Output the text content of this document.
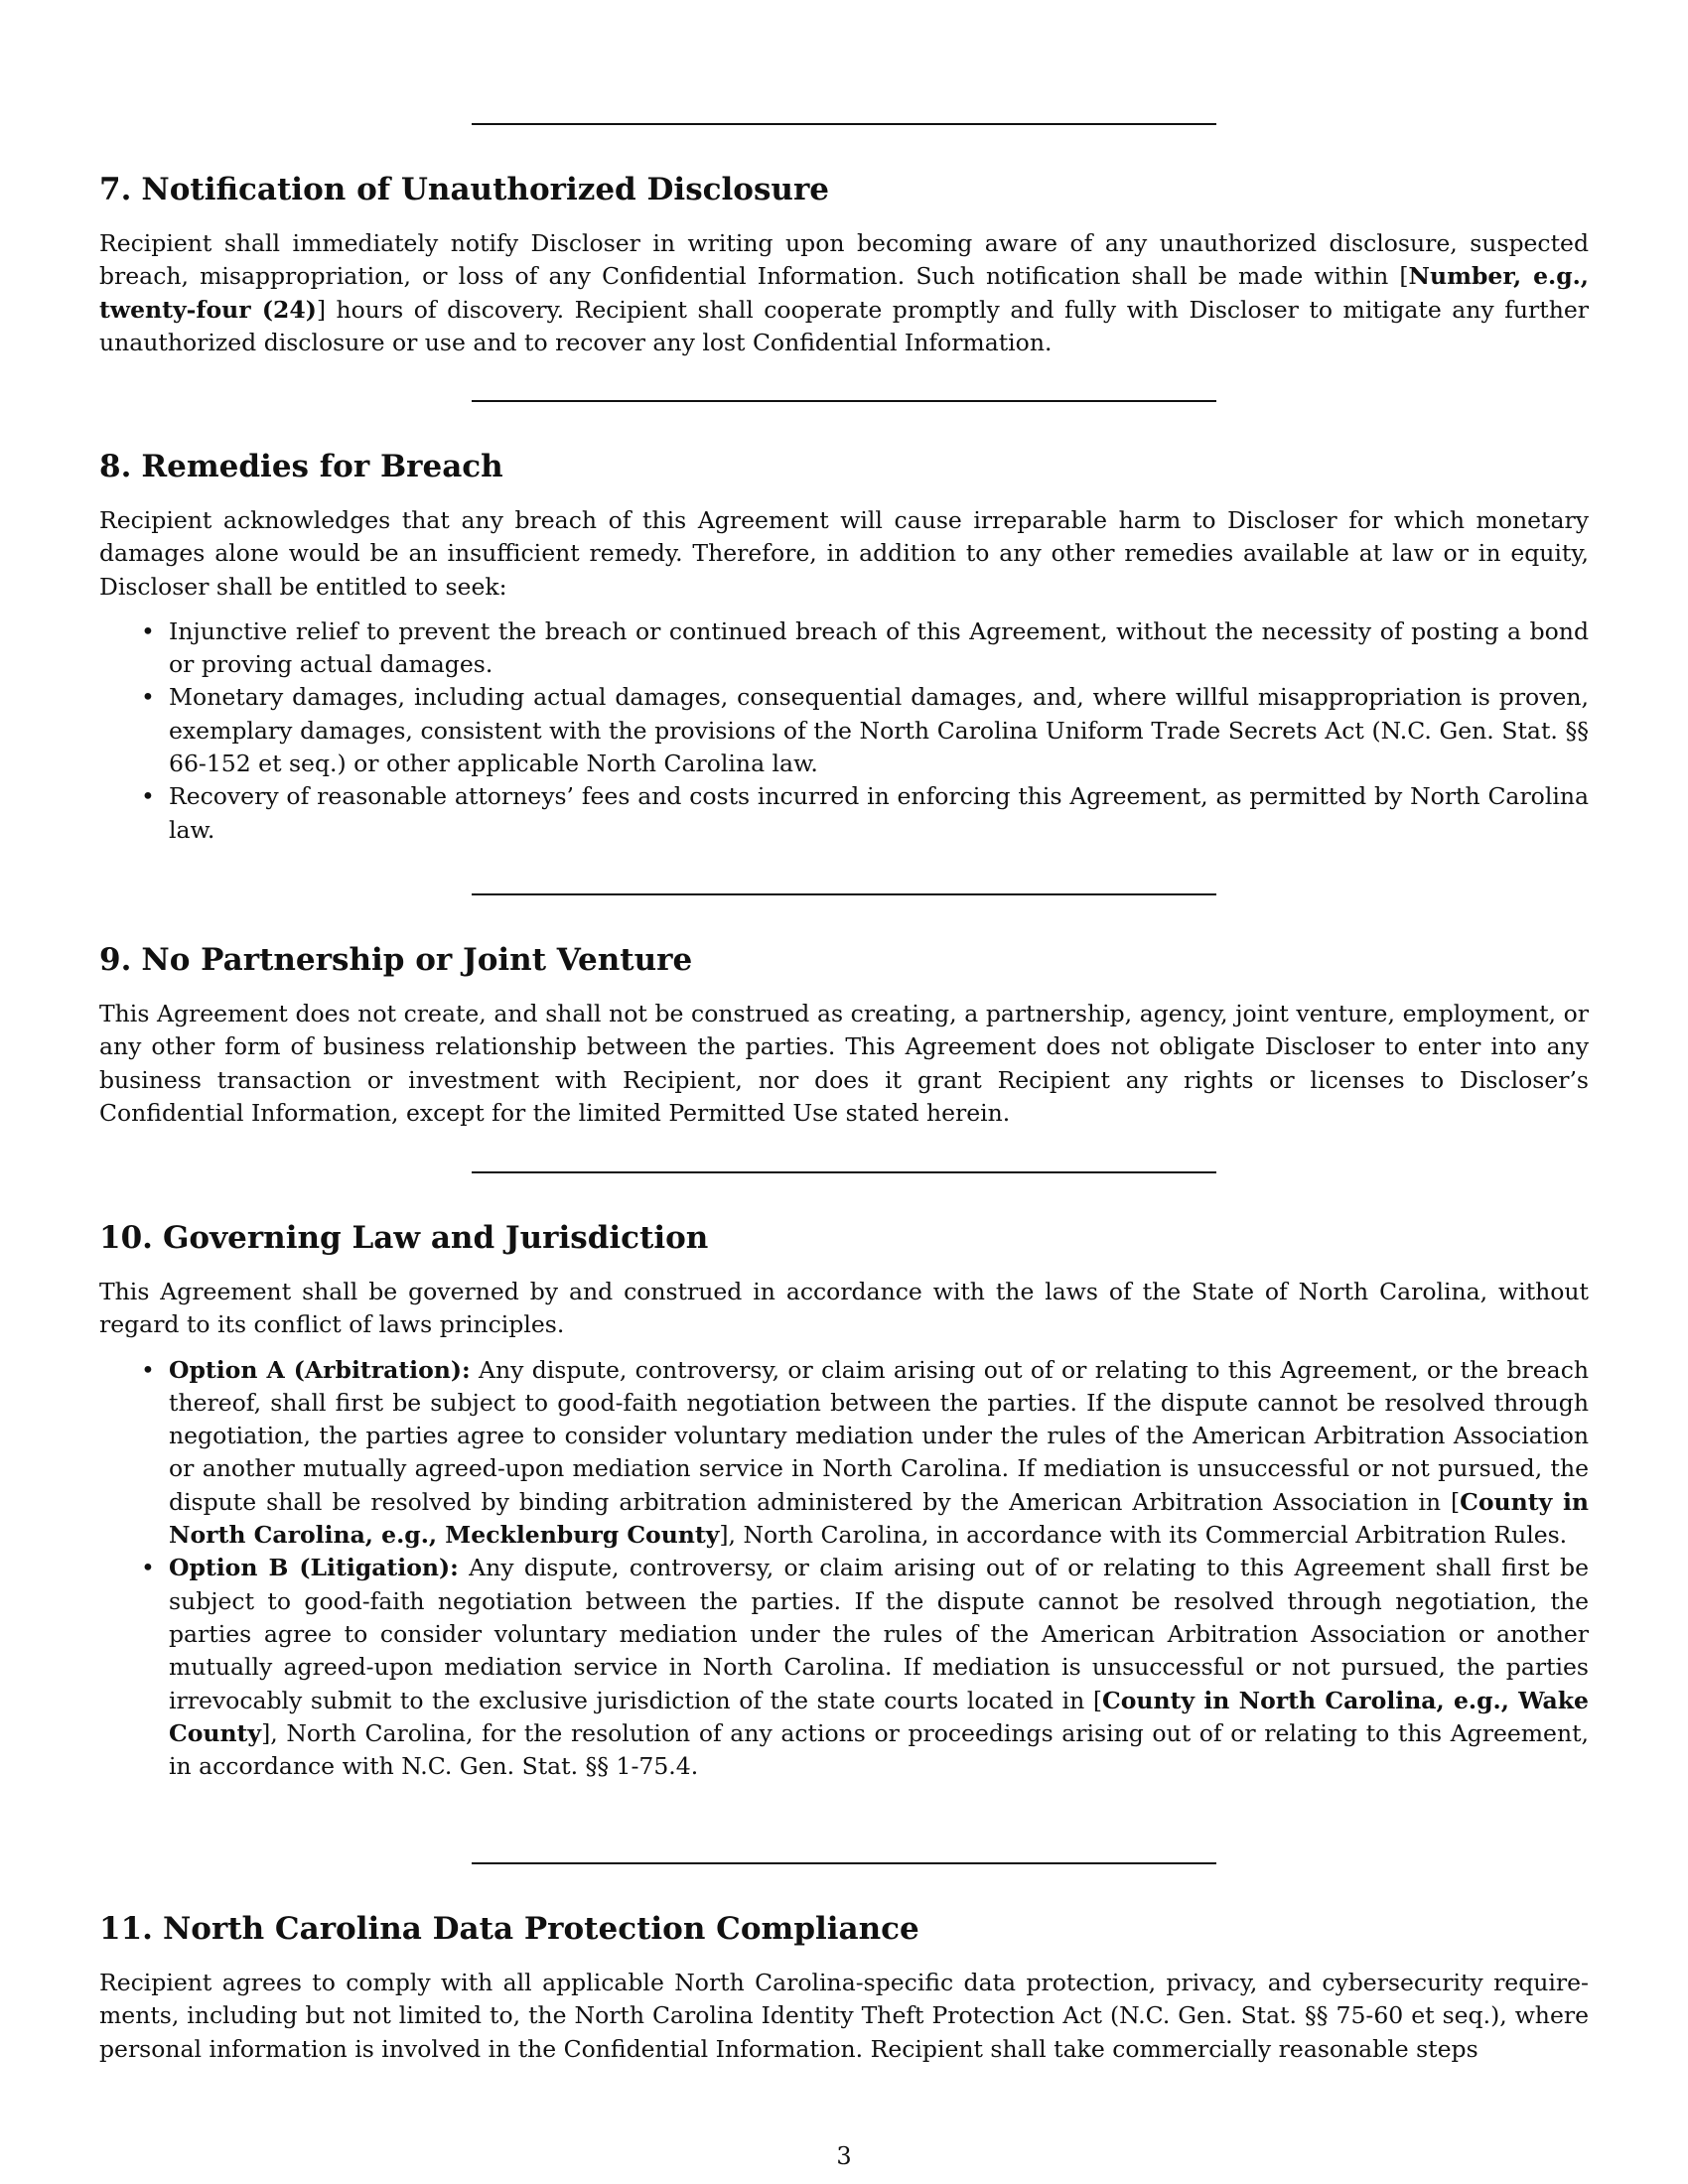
7. Notification of Unauthorized Disclosure

Recipient shall immediately notify Discloser in writing upon becoming aware of any unauthorized disclosure, suspected breach, misappropriation, or loss of any Confidential Information. Such notification shall be made within [Number, e.g., twenty-four (24)] hours of discovery. Recipient shall cooperate promptly and fully with Discloser to mitigate any further unauthorized disclosure or use and to recover any lost Confidential Information.

8. Remedies for Breach

Recipient acknowledges that any breach of this Agreement will cause irreparable harm to Discloser for which monetary damages alone would be an insufficient remedy. Therefore, in addition to any other remedies available at law or in equity, Discloser shall be entitled to seek:

• Injunctive relief to prevent the breach or continued breach of this Agreement, without the necessity of posting a bond or proving actual damages.
• Monetary damages, including actual damages, consequential damages, and, where willful misappropriation is proven, exemplary damages, consistent with the provisions of the North Carolina Uniform Trade Secrets Act (N.C. Gen. Stat. §§ 66-152 et seq.) or other applicable North Carolina law.
• Recovery of reasonable attorneys’ fees and costs incurred in enforcing this Agreement, as permitted by North Carolina law.
9. No Partnership or Joint Venture

This Agreement does not create, and shall not be construed as creating, a partnership, agency, joint venture, employment, or any other form of business relationship between the parties. This Agreement does not obligate Discloser to enter into any business transaction or investment with Recipient, nor does it grant Recipient any rights or licenses to Discloser’s Confidential Information, except for the limited Permitted Use stated herein.

10. Governing Law and Jurisdiction

This Agreement shall be governed by and construed in accordance with the laws of the State of North Carolina, without regard to its conflict of laws principles.

• Option A (Arbitration): Any dispute, controversy, or claim arising out of or relating to this Agreement, or the breach thereof, shall first be subject to good-faith negotiation between the parties. If the dispute cannot be resolved through negotiation, the parties agree to consider voluntary mediation under the rules of the American Arbitration Association or another mutually agreed-upon mediation service in North Carolina. If mediation is unsuccessful or not pursued, the dispute shall be resolved by binding arbitration administered by the American Arbitration Association in [County in North Carolina, e.g., Mecklenburg County], North Carolina, in accordance with its Commercial Arbitration Rules.
• Option B (Litigation): Any dispute, controversy, or claim arising out of or relating to this Agreement shall first be subject to good-faith negotiation between the parties. If the dispute cannot be resolved through negotiation, the parties agree to consider voluntary mediation under the rules of the American Arbitration Association or another mutually agreed-upon mediation service in North Carolina. If mediation is unsuccessful or not pursued, the parties irrevocably submit to the exclusive jurisdiction of the state courts located in [County in North Carolina, e.g., Wake County], North Carolina, for the resolution of any actions or proceedings arising out of or relating to this Agreement, in accordance with N.C. Gen. Stat. §§ 1-75.4.
11. North Carolina Data Protection Compliance

Recipient agrees to comply with all applicable North Carolina-specific data protection, privacy, and cybersecurity requirements, including but not limited to, the North Carolina Identity Theft Protection Act (N.C. Gen. Stat. §§ 75-60 et seq.), where personal information is involved in the Confidential Information. Recipient shall take commercially reasonable steps

3
